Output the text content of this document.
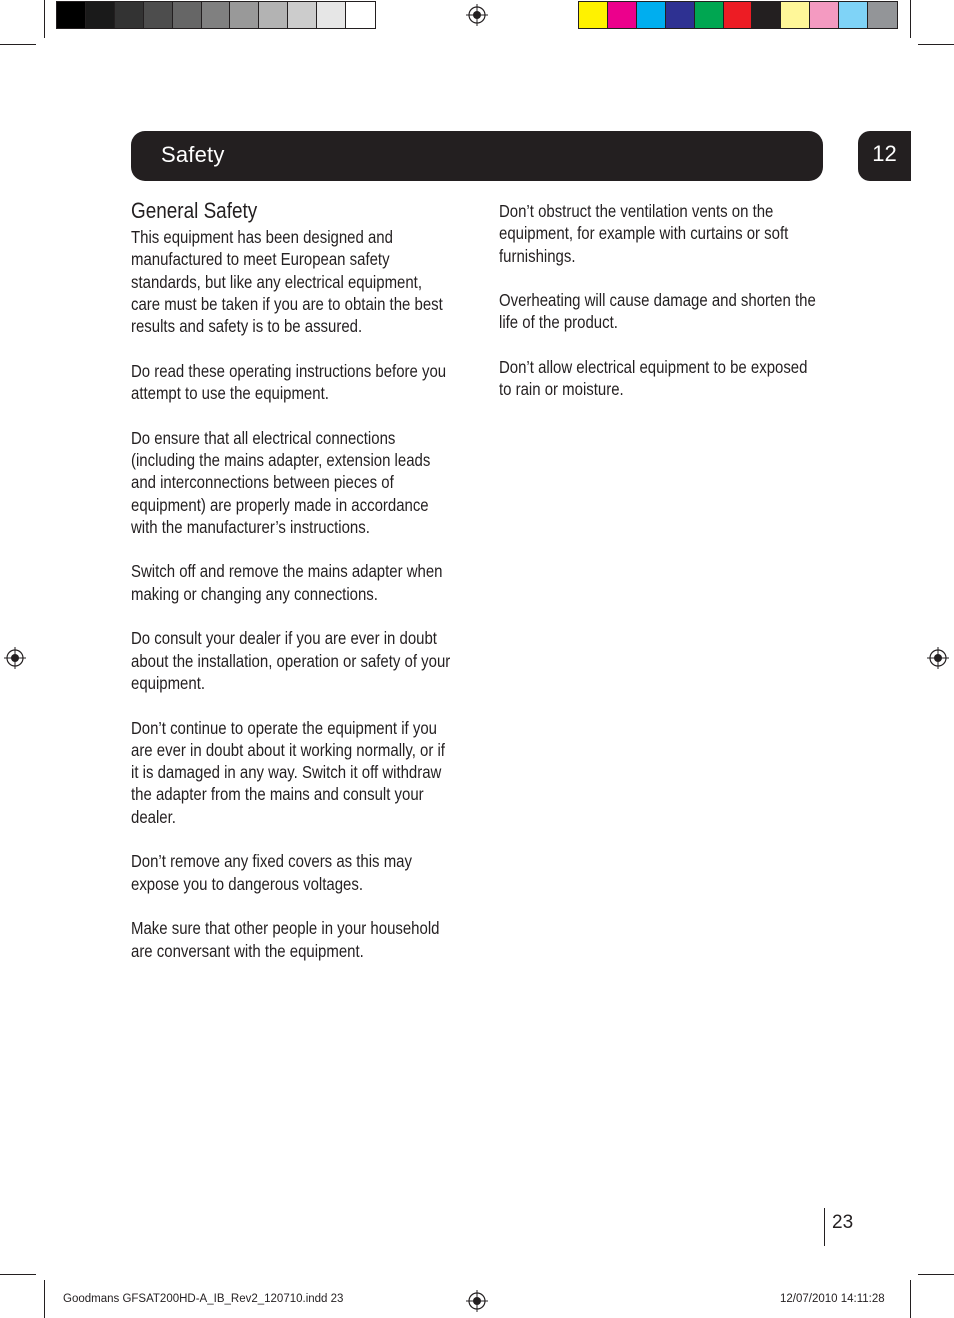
Safety	12
General Safety

This equipment has been designed and
manufactured to meet European safety
standards, but like any electrical equipment,
care must be taken if you are to obtain the best
results and safety is to be assured.

Do read these operating instructions before you
attempt to use the equipment.

Do ensure that all electrical connections
(including the mains adapter, extension leads
and interconnections between pieces of
equipment) are properly made in accordance
with the manufacturer’s instructions.

Switch off and remove the mains adapter when
making or changing any connections.

Do consult your dealer if you are ever in doubt
about the installation, operation or safety of your
equipment.

Don’t continue to operate the equipment if you
are ever in doubt about it working normally, or if
it is damaged in any way. Switch it off withdraw
the adapter from the mains and consult your
dealer.

Don’t remove any fixed covers as this may
expose you to dangerous voltages.

Make sure that other people in your household
are conversant with the equipment.

Don’t obstruct the ventilation vents on the
equipment, for example with curtains or soft
furnishings.

Overheating will cause damage and shorten the
life of the product.

Don’t allow electrical equipment to be exposed
to rain or moisture.

23
Goodmans GFSAT200HD-A_IB_Rev2_120710.indd 23	12/07/2010 14:11:28
